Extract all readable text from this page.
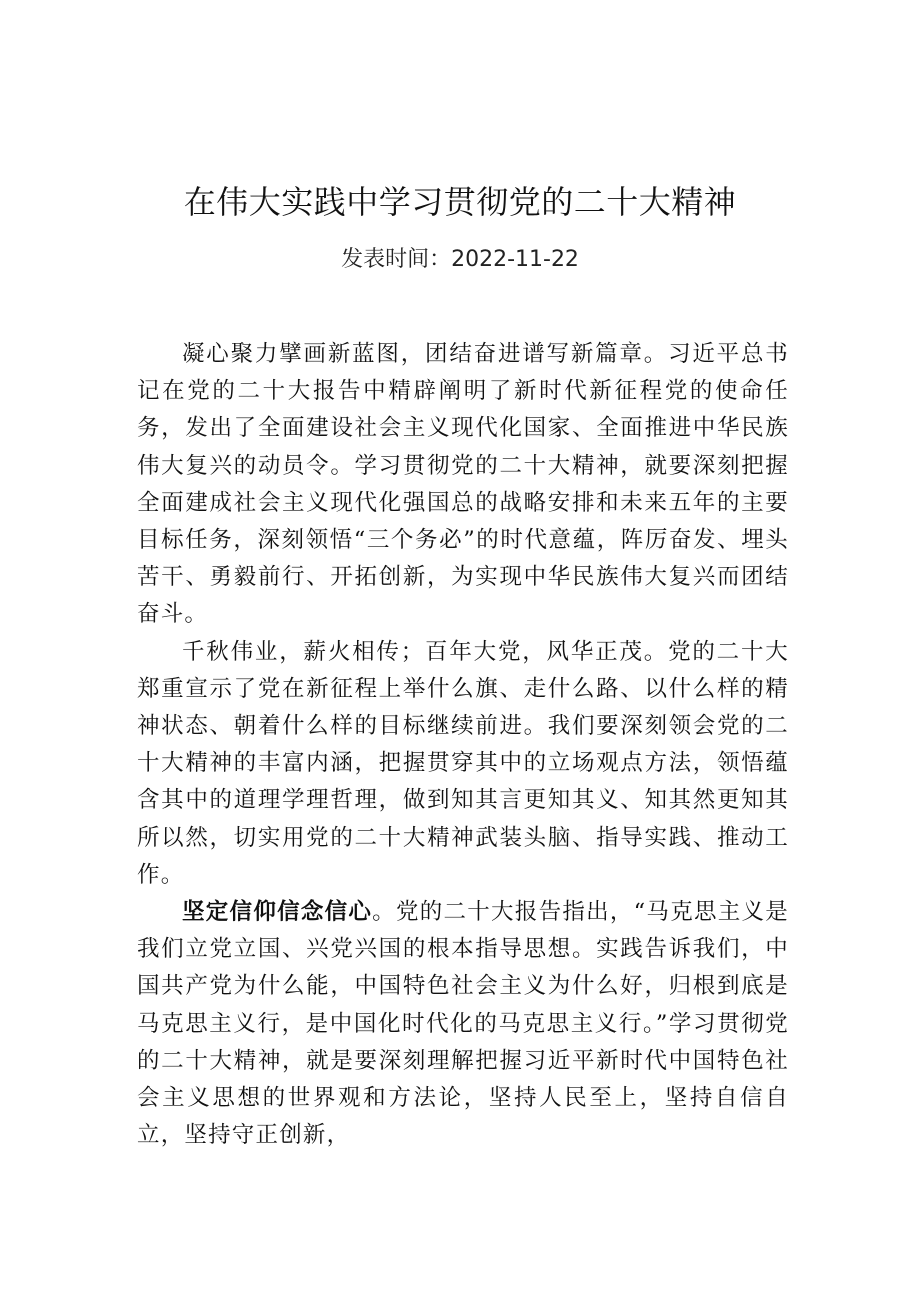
在伟大实践中学习贯彻党的二十大精神
发表时间：2022-11-22

凝心聚力擘画新蓝图，团结奋进谱写新篇章。习近平总书记在党的二十大报告中精辟阐明了新时代新征程党的使命任务，发出了全面建设社会主义现代化国家、全面推进中华民族伟大复兴的动员令。学习贯彻党的二十大精神，就要深刻把握全面建成社会主义现代化强国总的战略安排和未来五年的主要目标任务，深刻领悟“三个务必”的时代意蕴，阵厉奋发、埋头苦干、勇毅前行、开拓创新，为实现中华民族伟大复兴而团结奋斗。

千秋伟业，薪火相传；百年大党，风华正茂。党的二十大郑重宣示了党在新征程上举什么旗、走什么路、以什么样的精神状态、朝着什么样的目标继续前进。我们要深刻领会党的二十大精神的丰富内涵，把握贯穿其中的立场观点方法，领悟蕴含其中的道理学理哲理，做到知其言更知其义、知其然更知其所以然，切实用党的二十大精神武装头脑、指导实践、推动工作。

坚定信仰信念信心。党的二十大报告指出，“马克思主义是我们立党立国、兴党兴国的根本指导思想。实践告诉我们，中国共产党为什么能，中国特色社会主义为什么好，归根到底是马克思主义行，是中国化时代化的马克思主义行。”学习贯彻党的二十大精神，就是要深刻理解把握习近平新时代中国特色社会主义思想的世界观和方法论，坚持人民至上，坚持自信自立，坚持守正创新，
